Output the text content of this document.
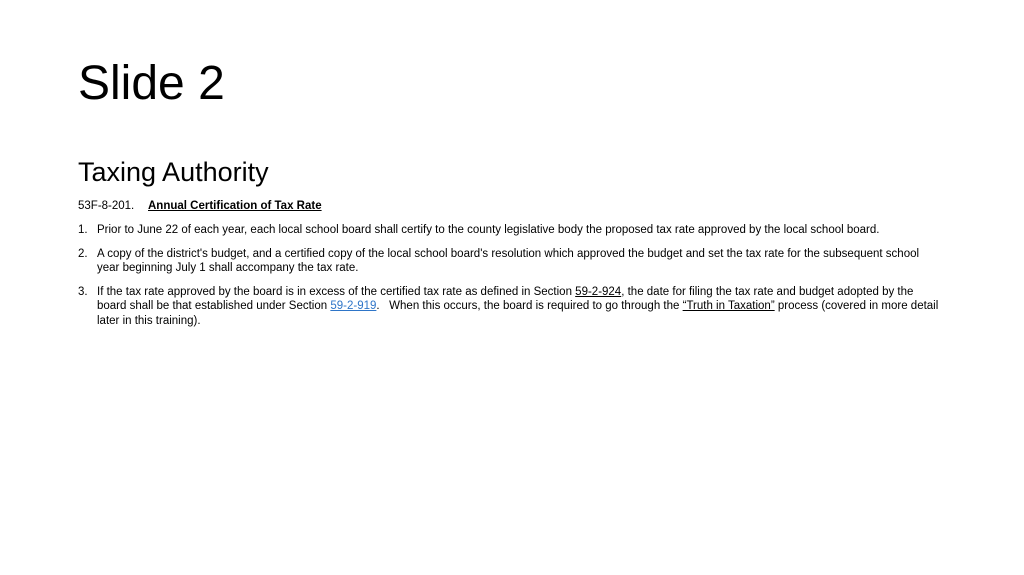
Slide 2
Taxing Authority

53F-8-201. Annual Certification of Tax Rate

1. Prior to June 22 of each year, each local school board shall certify to the county legislative body the proposed tax rate approved by the local school board.
2. A copy of the district's budget, and a certified copy of the local school board's resolution which approved the budget and set the tax rate for the subsequent school year beginning July 1 shall accompany the tax rate.
3. If the tax rate approved by the board is in excess of the certified tax rate as defined in Section 59-2-924, the date for filing the tax rate and budget adopted by the board shall be that established under Section 59-2-919.   When this occurs, the board is required to go through the “Truth in Taxation” process (covered in more detail later in this training).
